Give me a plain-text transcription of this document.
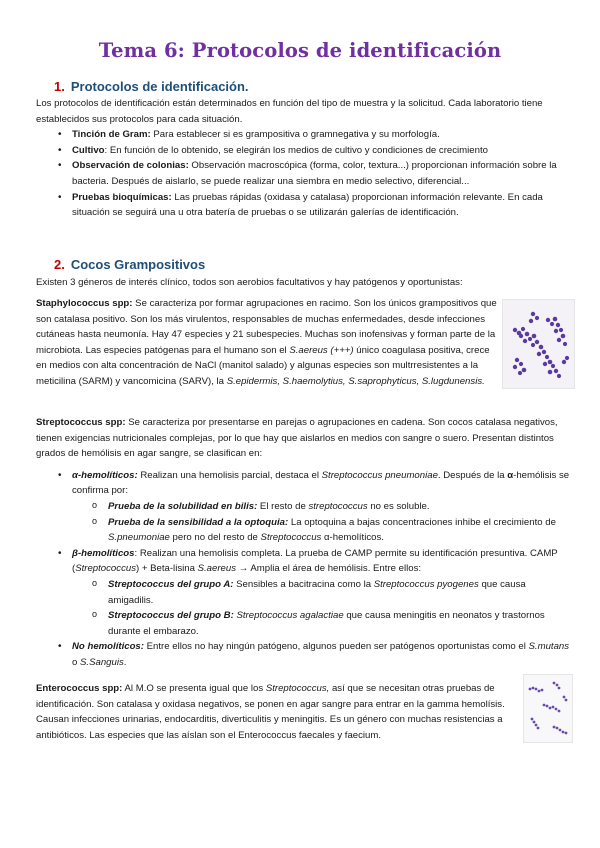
Tema 6: Protocolos de identificación
1. Protocolos de identificación.

Los protocolos de identificación están determinados en función del tipo de muestra y la solicitud. Cada laboratorio tiene establecidos sus protocolos para cada situación.

• Tinción de Gram: Para establecer si es grampositiva o gramnegativa y su morfología.
• Cultivo: En función de lo obtenido, se elegirán los medios de cultivo y condiciones de crecimiento
• Observación de colonias: Observación macroscópica (forma, color, textura...) proporcionan información sobre la bacteria. Después de aislarlo, se puede realizar una siembra en medio selectivo, diferencial...
• Pruebas bioquímicas: Las pruebas rápidas (oxidasa y catalasa) proporcionan información relevante. En cada situación se seguirá una u otra batería de pruebas o se utilizarán galerías de identificación.
2. Cocos Grampositivos
Existen 3 géneros de interés clínico, todos son aerobios facultativos y hay patógenos y oportunistas:
Staphylococcus spp: Se caracteriza por formar agrupaciones en racimo. Son los únicos grampositivos que son catalasa positivo. Son los más virulentos, responsables de muchas enfermedades, desde infecciones cutáneas hasta neumonía. Hay 47 especies y 21 subespecies. Muchas son inofensivas y forman parte de la microbiota. Las especies patógenas para el humano son el S.aereus (+++) único coagulasa positiva, crece en medios con alta concentración de NaCl (manitol salado) y algunas especies son multrresistentes a la meticilina (SARM) y vancomicina (SARV), la S.epidermis, S.haemolytius, S.saprophyticus, S.lugdunensis.

Streptococcus spp: Se caracteriza por presentarse en parejas o agrupaciones en cadena. Son cocos catalasa negativos, tienen exigencias nutricionales complejas, por lo que hay que aislarlos en medios con sangre o suero. Presentan distintos grados de hemólisis en agar sangre, se clasifican en:

• α-hemolíticos: Realizan una hemolisis parcial, destaca el Streptococcus pneumoniae. Después de la α-hemólisis se confirma por:
o Prueba de la solubilidad en bilis: El resto de streptococcus no es soluble.
o Prueba de la sensibilidad a la optoquia: La optoquina a bajas concentraciones inhibe el crecimiento de S.pneumoniae pero no del resto de Streptococcus α-hemolíticos.
• β-hemolíticos: Realizan una hemolisis completa. La prueba de CAMP permite su identificación presuntiva. CAMP (Streptococcus) + Beta-lisina S.aereus → Amplia el área de hemólisis. Entre ellos:
o Streptococcus del grupo A: Sensibles a bacitracina como la Streptococcus pyogenes que causa amigadilis.
o Streptococcus del grupo B: Streptococcus agalactiae que causa meningitis en neonatos y trastornos durante el embarazo.
• No hemolíticos: Entre ellos no hay ningún patógeno, algunos pueden ser patógenos oportunistas como el S.mutans o S.Sanguis.
Enterococcus spp: Al M.O se presenta igual que los Streptococcus, así que se necesitan otras pruebas de identificación. Son catalasa y oxidasa negativos, se ponen en agar sangre para entrar en la gamma hemolísis. Causan infecciones urinarias, endocarditis, diverticulitis y meningitis. Es un género con muchas resistencias a antibióticos. Las especies que las aíslan son el Enterococcus faecales y faecium.
